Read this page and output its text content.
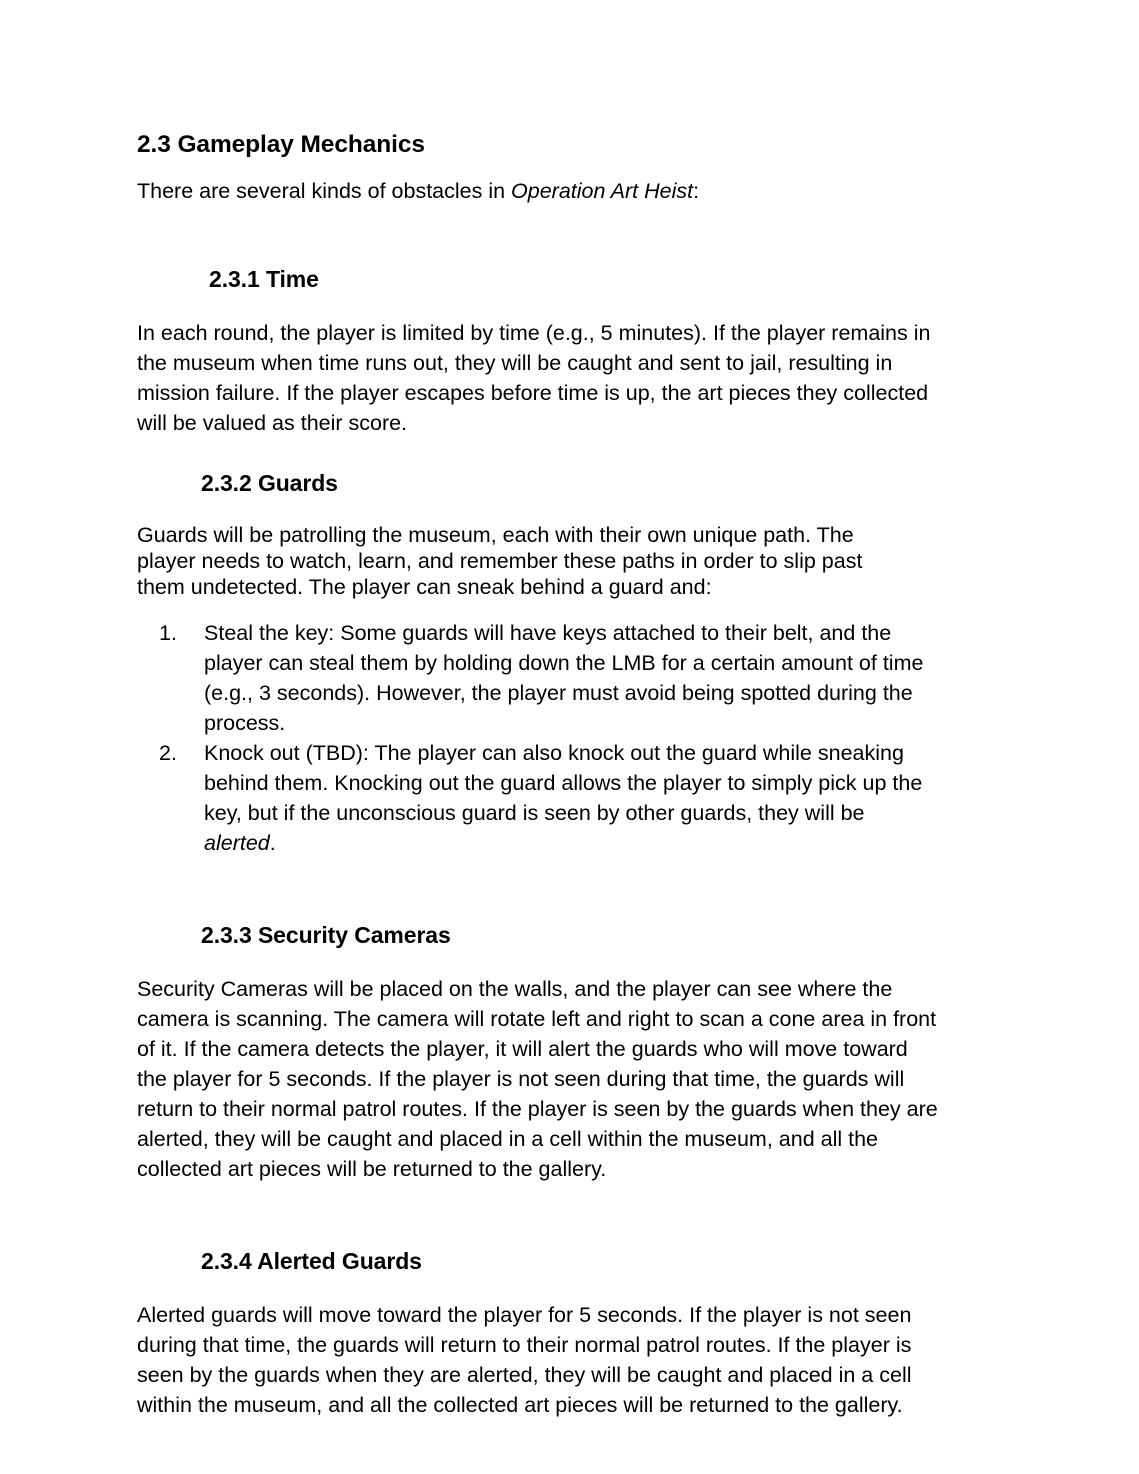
2.3 Gameplay Mechanics

There are several kinds of obstacles in Operation Art Heist:

2.3.1 Time

In each round, the player is limited by time (e.g., 5 minutes). If the player remains in the museum when time runs out, they will be caught and sent to jail, resulting in mission failure. If the player escapes before time is up, the art pieces they collected will be valued as their score.

2.3.2 Guards

Guards will be patrolling the museum, each with their own unique path. The player needs to watch, learn, and remember these paths in order to slip past them undetected. The player can sneak behind a guard and:

1.	Steal the key: Some guards will have keys attached to their belt, and the player can steal them by holding down the LMB for a certain amount of time (e.g., 3 seconds). However, the player must avoid being spotted during the process.
2.	Knock out (TBD): The player can also knock out the guard while sneaking behind them. Knocking out the guard allows the player to simply pick up the key, but if the unconscious guard is seen by other guards, they will be alerted.
2.3.3 Security Cameras

Security Cameras will be placed on the walls, and the player can see where the camera is scanning. The camera will rotate left and right to scan a cone area in front of it. If the camera detects the player, it will alert the guards who will move toward the player for 5 seconds. If the player is not seen during that time, the guards will return to their normal patrol routes. If the player is seen by the guards when they are alerted, they will be caught and placed in a cell within the museum, and all the collected art pieces will be returned to the gallery.

2.3.4 Alerted Guards

Alerted guards will move toward the player for 5 seconds. If the player is not seen during that time, the guards will return to their normal patrol routes. If the player is seen by the guards when they are alerted, they will be caught and placed in a cell within the museum, and all the collected art pieces will be returned to the gallery.
